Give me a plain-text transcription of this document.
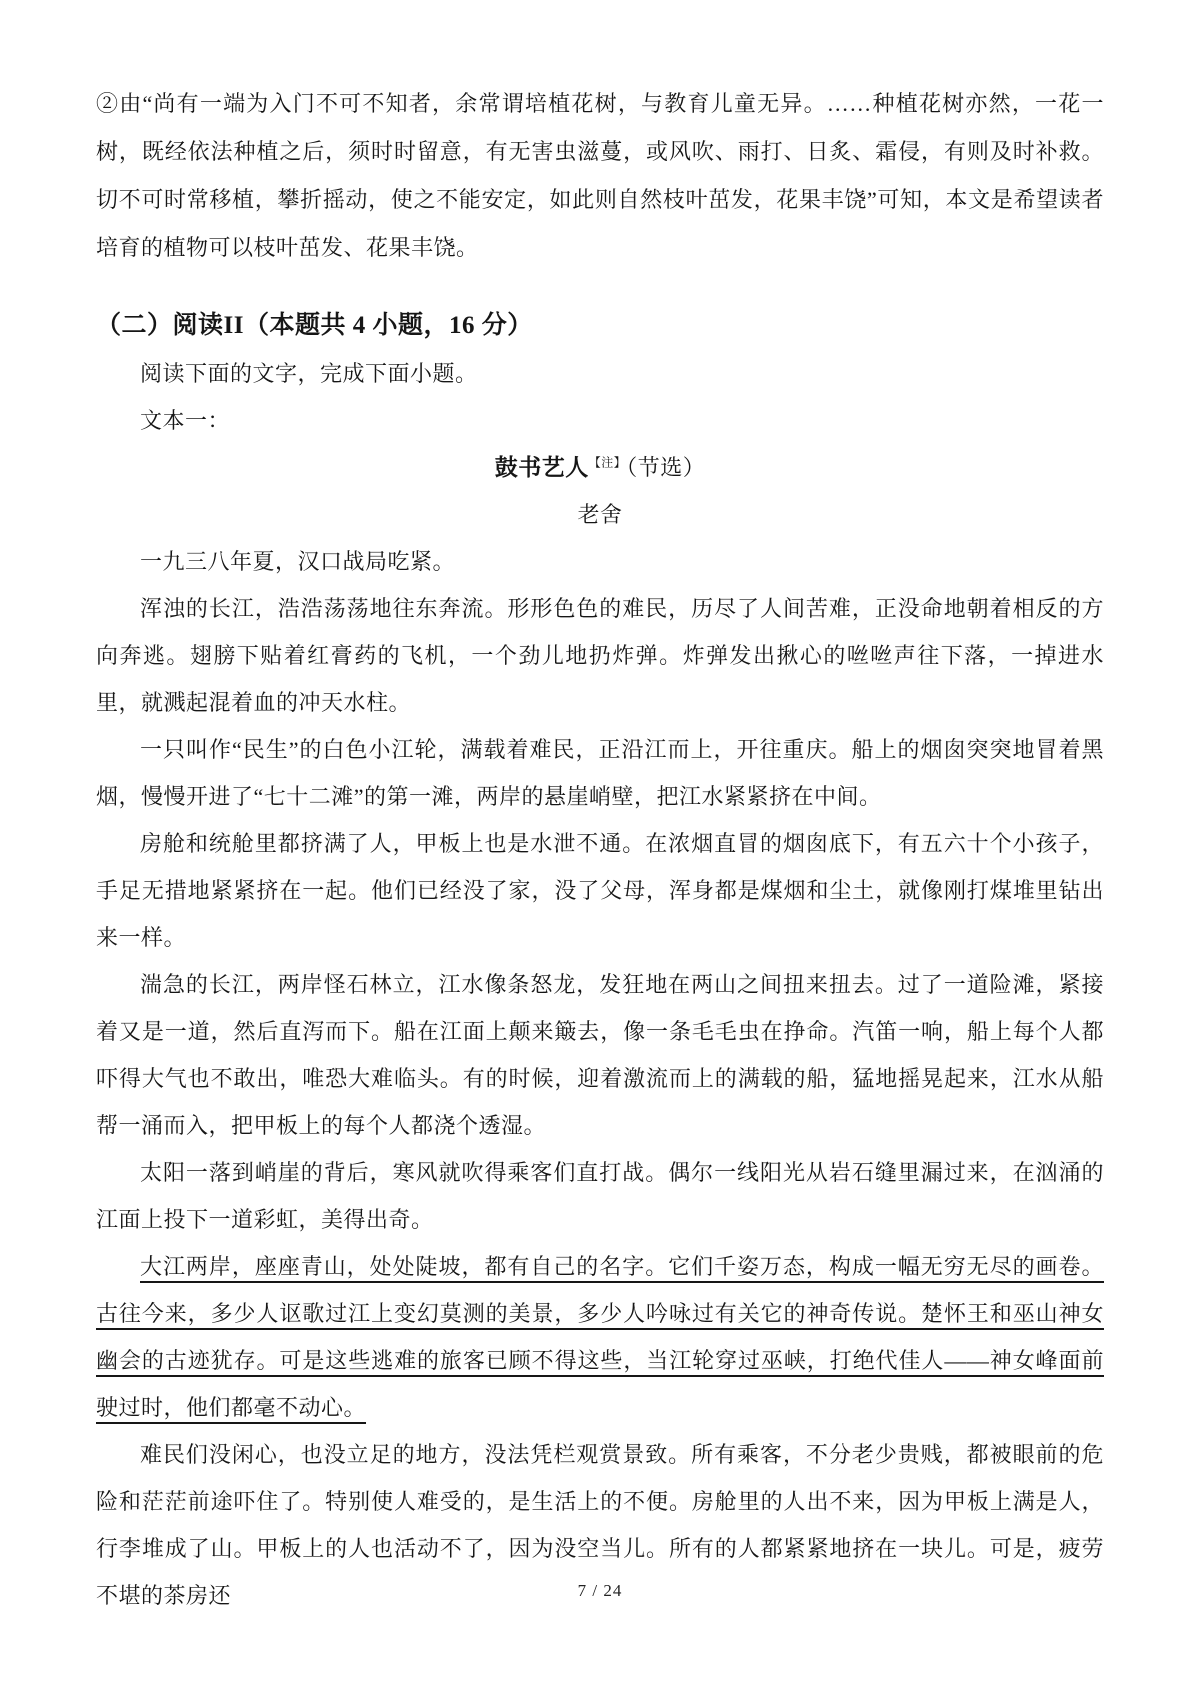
②由“尚有一端为入门不可不知者，余常谓培植花树，与教育儿童无异。……种植花树亦然，一花一树，既经依法种植之后，须时时留意，有无害虫滋蔓，或风吹、雨打、日炙、霜侵，有则及时补救。切不可时常移植，攀折摇动，使之不能安定，如此则自然枝叶茁发，花果丰饶”可知，本文是希望读者培育的植物可以枝叶茁发、花果丰饶。

（二）阅读II（本题共 4 小题，16 分）

阅读下面的文字，完成下面小题。

文本一：

鼓书艺人$^{【注】}$（节选）

老舍

一九三八年夏，汉口战局吃紧。

浑浊的长江，浩浩荡荡地往东奔流。形形色色的难民，历尽了人间苦难，正没命地朝着相反的方向奔逃。翅膀下贴着红膏药的飞机，一个劲儿地扔炸弹。炸弹发出揪心的咝咝声往下落，一掉进水里，就溅起混着血的冲天水柱。

一只叫作“民生”的白色小江轮，满载着难民，正沿江而上，开往重庆。船上的烟囱突突地冒着黑烟，慢慢开进了“七十二滩”的第一滩，两岸的悬崖峭壁，把江水紧紧挤在中间。

房舱和统舱里都挤满了人，甲板上也是水泄不通。在浓烟直冒的烟囱底下，有五六十个小孩子，手足无措地紧紧挤在一起。他们已经没了家，没了父母，浑身都是煤烟和尘土，就像刚打煤堆里钻出来一样。

湍急的长江，两岸怪石林立，江水像条怒龙，发狂地在两山之间扭来扭去。过了一道险滩，紧接着又是一道，然后直泻而下。船在江面上颠来簸去，像一条毛毛虫在挣命。汽笛一响，船上每个人都吓得大气也不敢出，唯恐大难临头。有的时候，迎着激流而上的满载的船，猛地摇晃起来，江水从船帮一涌而入，把甲板上的每个人都浇个透湿。

太阳一落到峭崖的背后，寒风就吹得乘客们直打战。偶尔一线阳光从岩石缝里漏过来，在汹涌的江面上投下一道彩虹，美得出奇。

大江两岸，座座青山，处处陡坡，都有自己的名字。它们千姿万态，构成一幅无穷无尽的画卷。古往今来，多少人讴歌过江上变幻莫测的美景，多少人吟咏过有关它的神奇传说。楚怀王和巫山神女幽会的古迹犹存。可是这些逃难的旅客已顾不得这些，当江轮穿过巫峡，打绝代佳人——神女峰面前驶过时，他们都毫不动心。

难民们没闲心，也没立足的地方，没法凭栏观赏景致。所有乘客，不分老少贵贱，都被眼前的危险和茫茫前途吓住了。特别使人难受的，是生活上的不便。房舱里的人出不来，因为甲板上满是人，行李堆成了山。甲板上的人也活动不了，因为没空当儿。所有的人都紧紧地挤在一块儿。可是，疲劳不堪的茶房还	7 / 24
